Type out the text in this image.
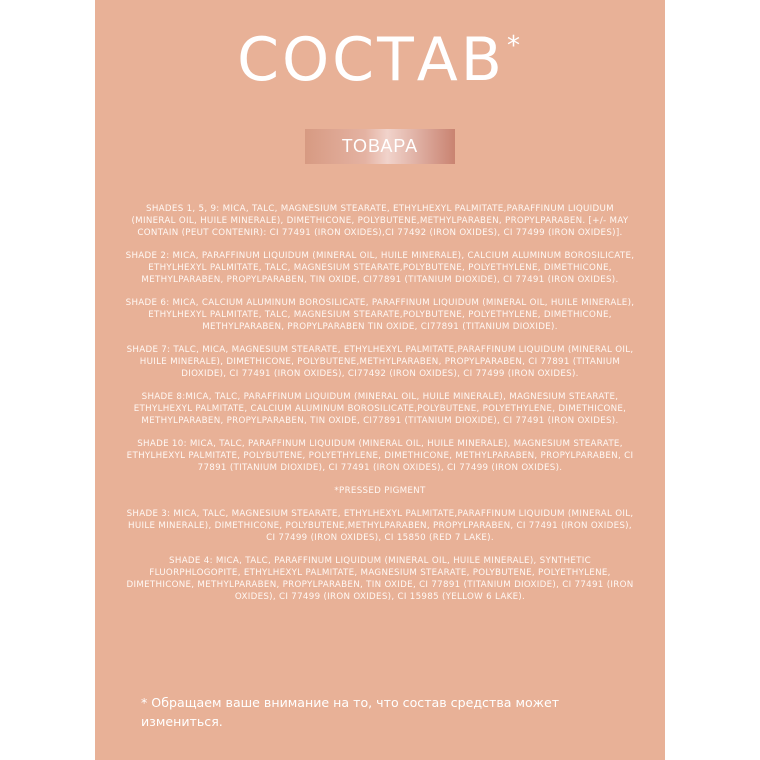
СОСТАВ*
ТОВАРА

SHADES 1, 5, 9: MICA, TALC, MAGNESIUM STEARATE, ETHYLHEXYL PALMITATE,PARAFFINUM LIQUIDUM (MINERAL OIL, HUILE MINERALE), DIMETHICONE, POLYBUTENE,METHYLPARABEN, PROPYLPARABEN. [+/- MAY CONTAIN (PEUT CONTENIR): CI 77491 (IRON OXIDES),CI 77492 (IRON OXIDES), CI 77499 (IRON OXIDES)].

SHADE 2: MICA, PARAFFINUM LIQUIDUM (MINERAL OIL, HUILE MINERALE), CALCIUM ALUMINUM BOROSILICATE, ETHYLHEXYL PALMITATE, TALC, MAGNESIUM STEARATE,POLYBUTENE, POLYETHYLENE, DIMETHICONE, METHYLPARABEN, PROPYLPARABEN, TIN OXIDE, CI77891 (TITANIUM DIOXIDE), CI 77491 (IRON OXIDES).

SHADE 6: MICA, CALCIUM ALUMINUM BOROSILICATE, PARAFFINUM LIQUIDUM (MINERAL OIL, HUILE MINERALE), ETHYLHEXYL PALMITATE, TALC, MAGNESIUM STEARATE,POLYBUTENE, POLYETHYLENE, DIMETHICONE, METHYLPARABEN, PROPYLPARABEN TIN OXIDE, CI77891 (TITANIUM DIOXIDE).

SHADE 7: TALC, MICA, MAGNESIUM STEARATE, ETHYLHEXYL PALMITATE,PARAFFINUM LIQUIDUM (MINERAL OIL, HUILE MINERALE), DIMETHICONE, POLYBUTENE,METHYLPARABEN, PROPYLPARABEN, CI 77891 (TITANIUM DIOXIDE), CI 77491 (IRON OXIDES), CI77492 (IRON OXIDES), CI 77499 (IRON OXIDES).

SHADE 8:MICA, TALC, PARAFFINUM LIQUIDUM (MINERAL OIL, HUILE MINERALE), MAGNESIUM STEARATE, ETHYLHEXYL PALMITATE, CALCIUM ALUMINUM BOROSILICATE,POLYBUTENE, POLYETHYLENE, DIMETHICONE, METHYLPARABEN, PROPYLPARABEN, TIN OXIDE, CI77891 (TITANIUM DIOXIDE), CI 77491 (IRON OXIDES).

SHADE 10: MICA, TALC, PARAFFINUM LIQUIDUM (MINERAL OIL, HUILE MINERALE), MAGNESIUM STEARATE, ETHYLHEXYL PALMITATE, POLYBUTENE, POLYETHYLENE, DIMETHICONE, METHYLPARABEN, PROPYLPARABEN, CI 77891 (TITANIUM DIOXIDE), CI 77491 (IRON OXIDES), CI 77499 (IRON OXIDES).

*PRESSED PIGMENT

SHADE 3: MICA, TALC, MAGNESIUM STEARATE, ETHYLHEXYL PALMITATE,PARAFFINUM LIQUIDUM (MINERAL OIL, HUILE MINERALE), DIMETHICONE, POLYBUTENE,METHYLPARABEN, PROPYLPARABEN, CI 77491 (IRON OXIDES), CI 77499 (IRON OXIDES), CI 15850 (RED 7 LAKE).

SHADE 4: MICA, TALC, PARAFFINUM LIQUIDUM (MINERAL OIL, HUILE MINERALE), SYNTHETIC FLUORPHLOGOPITE, ETHYLHEXYL PALMITATE, MAGNESIUM STEARATE, POLYBUTENE, POLYETHYLENE, DIMETHICONE, METHYLPARABEN, PROPYLPARABEN, TIN OXIDE, CI 77891 (TITANIUM DIOXIDE), CI 77491 (IRON OXIDES), CI 77499 (IRON OXIDES), CI 15985 (YELLOW 6 LAKE).

* Обращаем ваше внимание на то, что состав средства может измениться.
